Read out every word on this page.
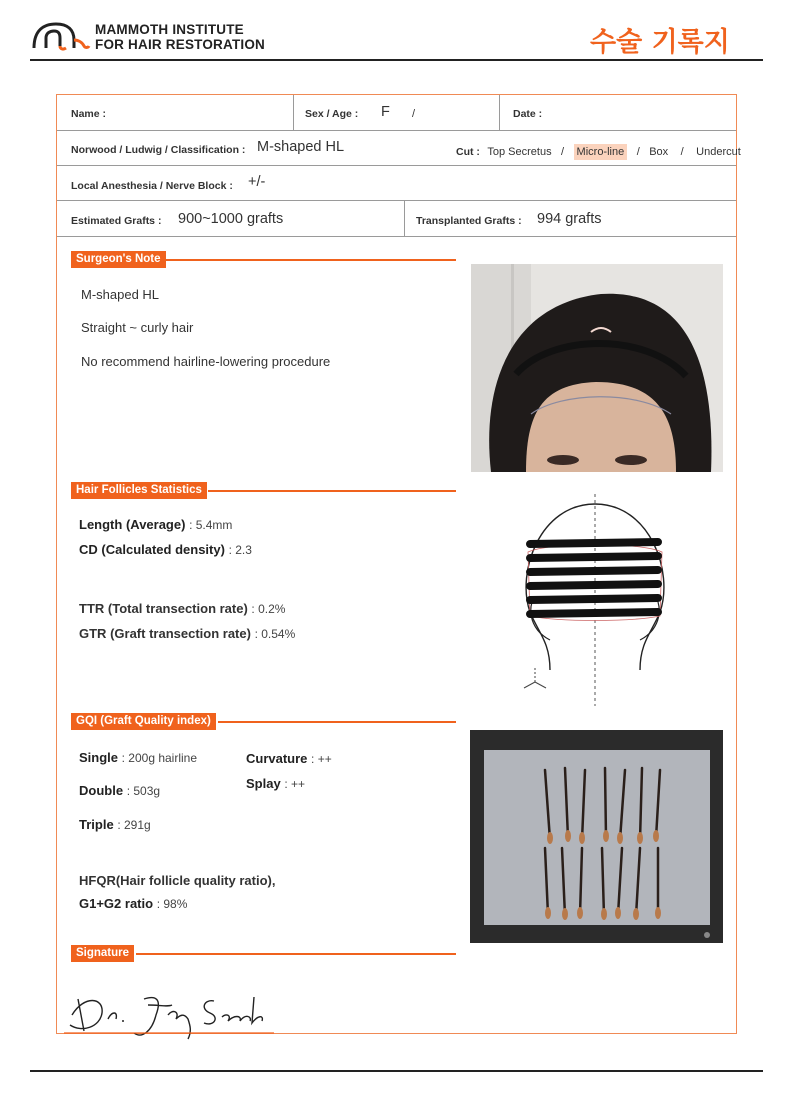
MAMMOTH INSTITUTE
FOR HAIR RESTORATION	수술 기록지
Name :	Sex / Age : F /	Date :
Norwood / Ludwig / Classification : M-shaped HL	Cut : Top Secretus / Micro-line / Box / Undercut
Local Anesthesia / Nerve Block : +/-
Estimated Grafts : 900~1000 grafts	Transplanted Grafts : 994 grafts
Surgeon's Note
M-shaped HL
Straight ~ curly hair
No recommend hairline-lowering procedure
Hair Follicles Statistics
Length (Average) : 5.4mm
CD (Calculated density) : 2.3
TTR (Total transection rate) : 0.2%
GTR (Graft transection rate) : 0.54%
GQI (Graft Quality index)
Single : 200g hairline
Double : 503g
Triple : 291g
Curvature : ++
Splay : ++
HFQR(Hair follicle quality ratio),
G1+G2 ratio : 98%
Signature
